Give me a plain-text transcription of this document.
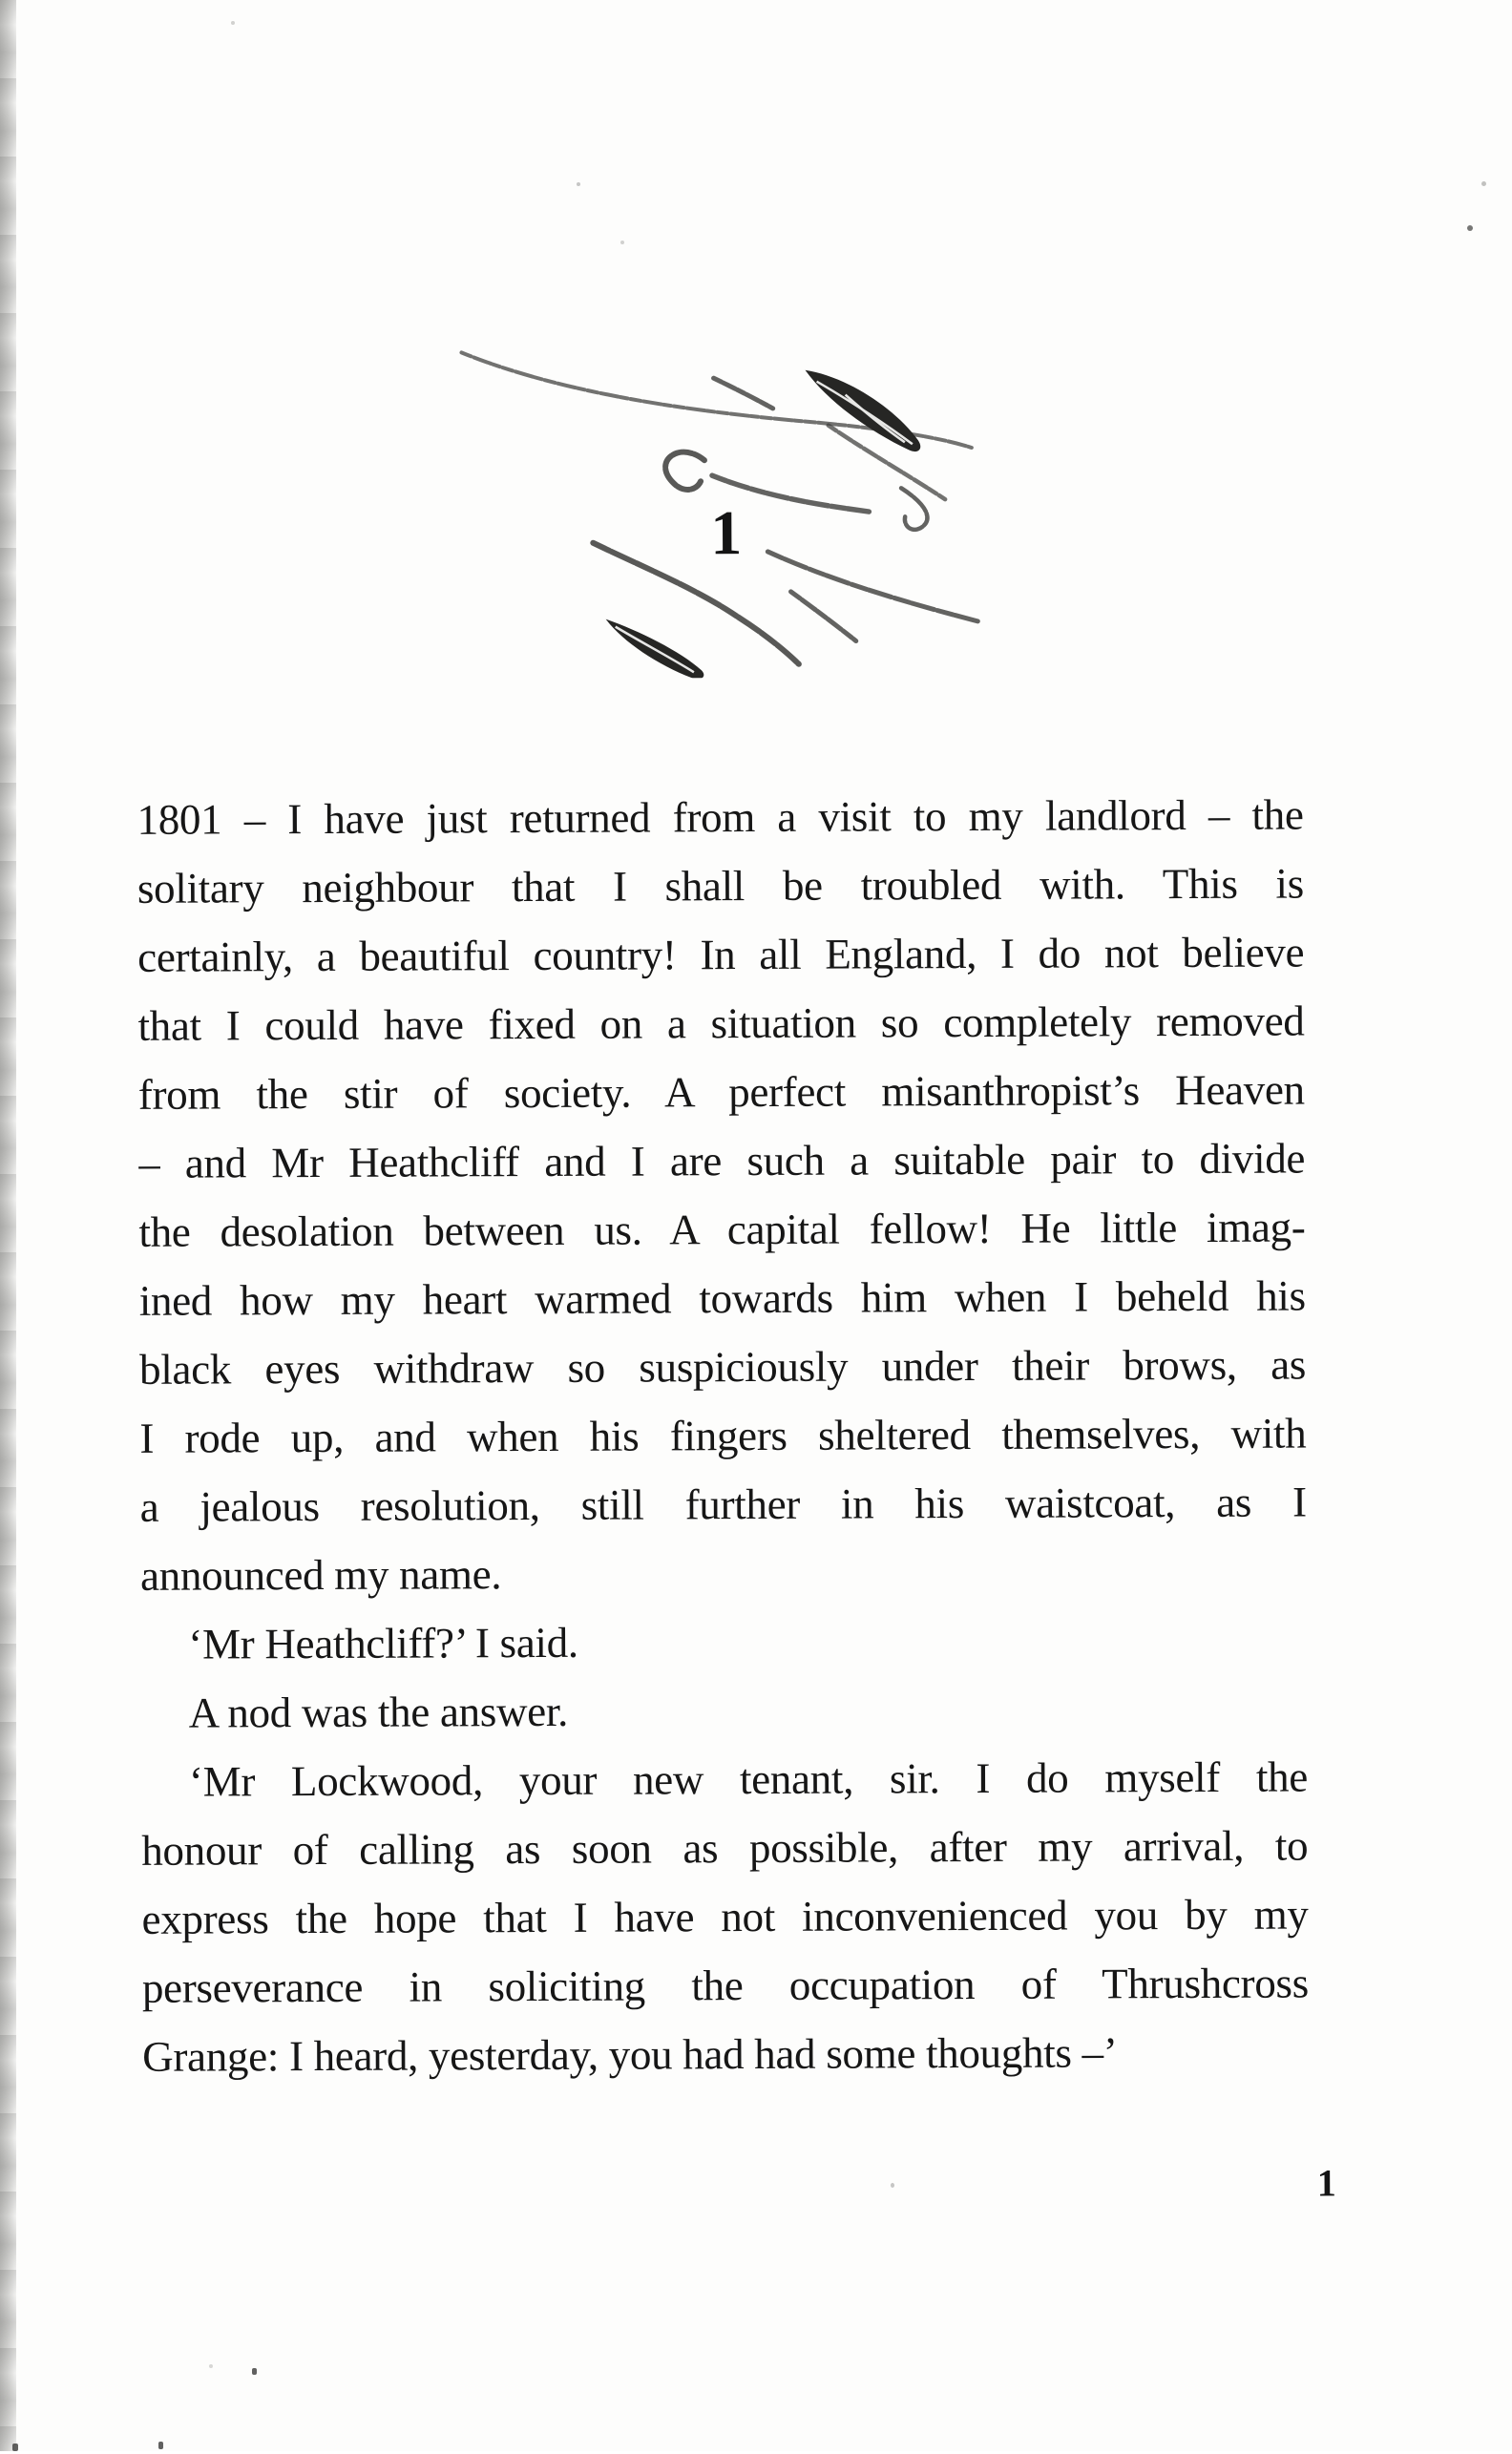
1
1801 – I have just returned from a visit to my landlord – the
solitary neighbour that I shall be troubled with. This is
certainly, a beautiful country! In all England, I do not believe
that I could have fixed on a situation so completely removed
from the stir of society. A perfect misanthropist’s Heaven
– and Mr Heathcliff and I are such a suitable pair to divide
the desolation between us. A capital fellow! He little imag-
ined how my heart warmed towards him when I beheld his
black eyes withdraw so suspiciously under their brows, as
I rode up, and when his fingers sheltered themselves, with
a jealous resolution, still further in his waistcoat, as I
announced my name.
‘Mr Heathcliff?’ I said.
A nod was the answer.
‘Mr Lockwood, your new tenant, sir. I do myself the
honour of calling as soon as possible, after my arrival, to
express the hope that I have not inconvenienced you by my
perseverance in soliciting the occupation of Thrushcross
Grange: I heard, yesterday, you had had some thoughts –’
1
